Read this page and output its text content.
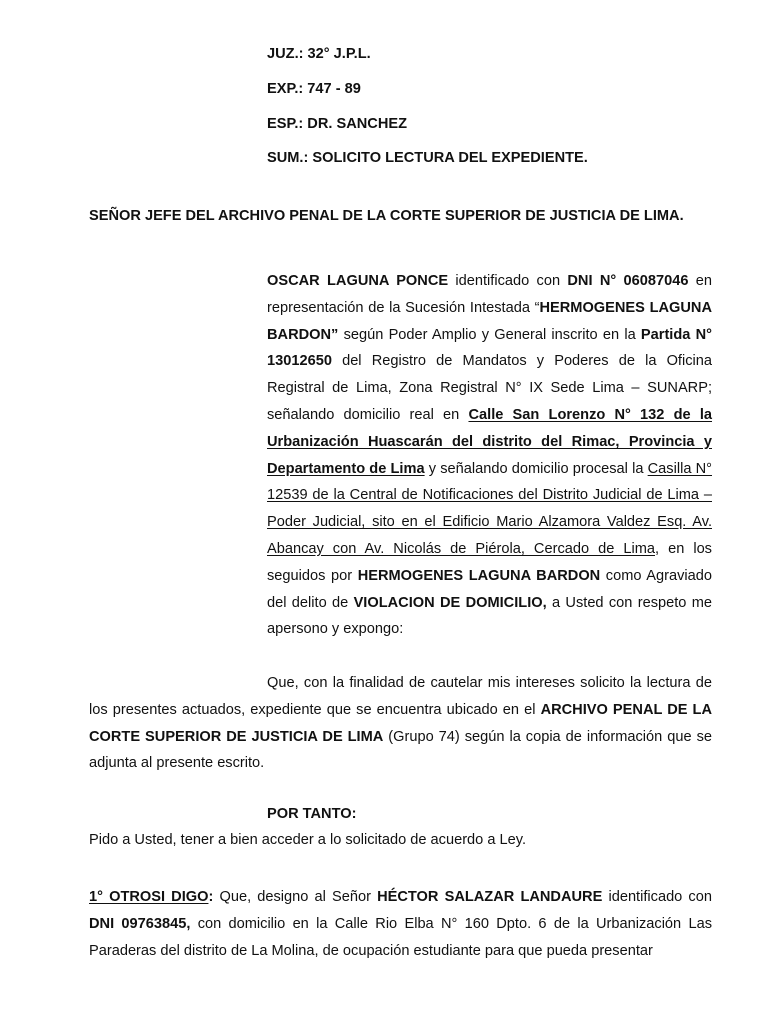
JUZ.: 32° J.P.L.
EXP.: 747 - 89
ESP.: DR. SANCHEZ
SUM.: SOLICITO LECTURA DEL EXPEDIENTE.
SEÑOR JEFE DEL ARCHIVO PENAL DE LA CORTE SUPERIOR DE JUSTICIA DE LIMA.
OSCAR LAGUNA PONCE identificado con DNI N° 06087046 en representación de la Sucesión Intestada “HERMOGENES LAGUNA BARDON” según Poder Amplio y General inscrito en la Partida N° 13012650 del Registro de Mandatos y Poderes de la Oficina Registral de Lima, Zona Registral N° IX Sede Lima – SUNARP; señalando domicilio real en Calle San Lorenzo N° 132 de la Urbanización Huascarán del distrito del Rimac, Provincia y Departamento de Lima y señalando domicilio procesal la Casilla N° 12539 de la Central de Notificaciones del Distrito Judicial de Lima – Poder Judicial, sito en el Edificio Mario Alzamora Valdez Esq. Av. Abancay con Av. Nicolás de Piérola, Cercado de Lima, en los seguidos por HERMOGENES LAGUNA BARDON como Agraviado del delito de VIOLACION DE DOMICILIO, a Usted con respeto me apersono y expongo:
Que, con la finalidad de cautelar mis intereses solicito la lectura de los presentes actuados, expediente que se encuentra ubicado en el ARCHIVO PENAL DE LA CORTE SUPERIOR DE JUSTICIA DE LIMA (Grupo 74) según la copia de información que se adjunta al presente escrito.
POR TANTO:
Pido a Usted, tener a bien acceder a lo solicitado de acuerdo a Ley.
1° OTROSI DIGO: Que, designo al Señor HÉCTOR SALAZAR LANDAURE identificado con DNI 09763845, con domicilio en la Calle Rio Elba N° 160 Dpto. 6 de la Urbanización Las Paraderas del distrito de La Molina, de ocupación estudiante para que pueda presentar
